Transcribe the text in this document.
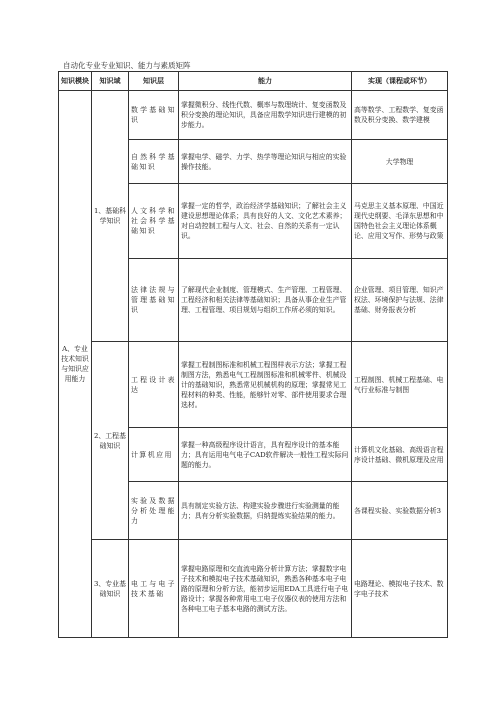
自动化专业专业知识、能力与素质矩阵
知识模块	知识域	知识层	能力	实现（课程或环节）
A、专业技术知识与知识应用能力	1、基础科学知识	数学基础知识	掌握微积分、线性代数、概率与数理统计、复变函数及积分变换的理论知识，具备应用数学知识进行建模的初步能力。	高等数学、工程数学、复变函数及积分变换、数学建模
		自然科学基础知识	掌握电学、磁学、力学、热学等理论知识与相应的实验操作技能。	大学物理
		人文科学和社会科学基础知识	掌握一定的哲学，政治经济学基础知识；了解社会主义建设思想理论体系；具有良好的人文、文化艺术素养；对自动控制工程与人文、社会、自然的关系有一定认识。	马克思主义基本原理、中国近现代史纲要、毛泽东思想和中国特色社会主义理论体系概论、应用文写作、形势与政策
		法律法规与管理基础知识	了解现代企业制度、管理模式、生产管理、工程管理、工程经济和相关法律等基础知识；具备从事企业生产管理、工程管理、项目规划与组织工作所必须的知识。	企业管理、项目管理、知识产权法、环境保护与法规、法律基础、财务报表分析
	2、工程基础知识	工程设计表达	掌握工程制图标准和机械工程图样表示方法；掌握工程制图方法，熟悉电气工程制图标准和机械零件、机械设计的基础知识，熟悉常见机械机构的原理；掌握常见工程材料的种类、性能，能够针对零、部件使用要求合理选材。	工程制图、机械工程基础、电气行业标准与制图
		计算机应用	掌握一种高级程序设计语言，具有程序设计的基本能力；具有运用电气电子CAD软件解决一般性工程实际问题的能力。	计算机文化基础、高级语言程序设计基础、微机原理及应用
		实验及数据分析处理能力	具有制定实验方法、构建实验步骤进行实验测量的能力；具有分析实验数据，归纳提炼实验结果的能力。	各课程实验、实验数据分析3
	3、专业基础知识	电工与电子技术基础	掌握电路原理和交直流电路分析计算方法；掌握数字电子技术和模拟电子技术基础知识，熟悉各种基本电子电路的原理和分析方法，能初步运用EDA工具进行电子电路设计；掌握各种常用电工电子仪器仪表的使用方法和各种电工电子基本电路的测试方法。	电路理论、模拟电子技术、数字电子技术
